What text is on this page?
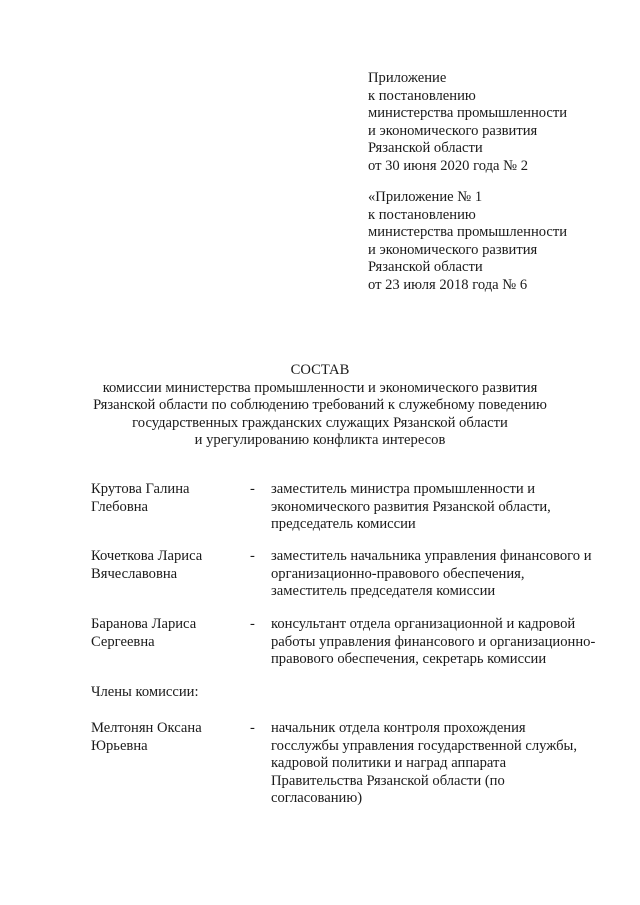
Приложение
к постановлению
министерства промышленности
и экономического развития
Рязанской области
от 30 июня 2020 года № 2
«Приложение № 1
к постановлению
министерства промышленности
и экономического развития
Рязанской области
от 23 июля 2018 года № 6
СОСТАВ
комиссии министерства промышленности и экономического развития
Рязанской области по соблюдению требований к служебному поведению
государственных гражданских служащих Рязанской области
и урегулированию конфликта интересов
Крутова Галина
Глебовна
- заместитель министра промышленности и
экономического развития Рязанской области,
председатель комиссии
Кочеткова Лариса
Вячеславовна
- заместитель начальника управления финансового и
организационно-правового обеспечения,
заместитель председателя комиссии
Баранова Лариса
Сергеевна
- консультант отдела организационной и кадровой
работы управления финансового и организационно-
правового обеспечения, секретарь комиссии
Члены комиссии:
Мелтонян Оксана
Юрьевна
- начальник отдела контроля прохождения
госслужбы управления государственной службы,
кадровой политики и наград аппарата
Правительства Рязанской области (по
согласованию)
